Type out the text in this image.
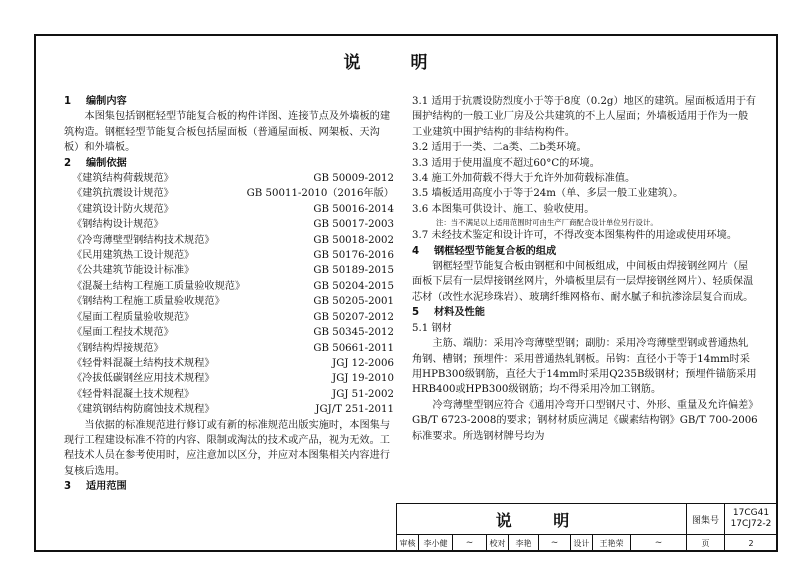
说 明
1 编制内容
本图集包括钢框轻型节能复合板的构件详图、连接节点及外墙板的建筑构造。钢框轻型节能复合板包括屋面板（普通屋面板、网架板、天沟板）和外墙板。
2 编制依据
《建筑结构荷载规范》	GB 50009-2012
《建筑抗震设计规范》	GB 50011-2010（2016年版）
《建筑设计防火规范》	GB 50016-2014
《钢结构设计规范》	GB 50017-2003
《冷弯薄壁型钢结构技术规范》	GB 50018-2002
《民用建筑热工设计规范》	GB 50176-2016
《公共建筑节能设计标准》	GB 50189-2015
《混凝土结构工程施工质量验收规范》	GB 50204-2015
《钢结构工程施工质量验收规范》	GB 50205-2001
《屋面工程质量验收规范》	GB 50207-2012
《屋面工程技术规范》	GB 50345-2012
《钢结构焊接规范》	GB 50661-2011
《轻骨料混凝土结构技术规程》	JGJ 12-2006
《冷拔低碳钢丝应用技术规程》	JGJ 19-2010
《轻骨料混凝土技术规程》	JGJ 51-2002
《建筑钢结构防腐蚀技术规程》	JGJ/T 251-2011
当依据的标准规范进行修订或有新的标准规范出版实施时，本图集与现行工程建设标准不符的内容、限制或淘汰的技术或产品，视为无效。工程技术人员在参考使用时，应注意加以区分，并应对本图集相关内容进行复核后选用。
3 适用范围
3.1 适用于抗震设防烈度小于等于8度（0.2g）地区的建筑。屋面板适用于有围护结构的一般工业厂房及公共建筑的不上人屋面；外墙板适用于作为一般工业建筑中围护结构的非结构构件。
3.2 适用于一类、二a类、二b类环境。
3.3 适用于使用温度不超过60°C的环境。
3.4 施工外加荷载不得大于允许外加荷载标准值。
3.5 墙板适用高度小于等于24m（单、多层一般工业建筑）。
3.6 本图集可供设计、施工、验收使用。
注：当不满足以上适用范围时可由生产厂商配合设计单位另行设计。
3.7 未经技术鉴定和设计许可，不得改变本图集构件的用途或使用环境。
4 钢框轻型节能复合板的组成
钢框轻型节能复合板由钢框和中间板组成，中间板由焊接钢丝网片（屋面板下层有一层焊接钢丝网片，外墙板里层有一层焊接钢丝网片）、轻质保温芯材（改性水泥珍珠岩）、玻璃纤维网格布、耐水腻子和抗渗涂层复合而成。
5 材料及性能
5.1 钢材
主筋、端肋：采用冷弯薄壁型钢；副肋：采用冷弯薄壁型钢或普通热轧角钢、槽钢；预埋件：采用普通热轧钢板。吊钩：直径小于等于14mm时采用HPB300级钢筋，直径大于14mm时采用Q235B级钢材；预埋件锚筋采用HRB400或HPB300级钢筋；均不得采用冷加工钢筋。
冷弯薄壁型钢应符合《通用冷弯开口型钢尺寸、外形、重量及允许偏差》GB/T 6723-2008的要求；钢材材质应满足《碳素结构钢》GB/T 700-2006标准要求。所选钢材牌号均为
说 明	图集号
17CG41
17CJ72-2
审核	李小健	~	校对	李艳	~	设计	王艳荣	~	页	2
